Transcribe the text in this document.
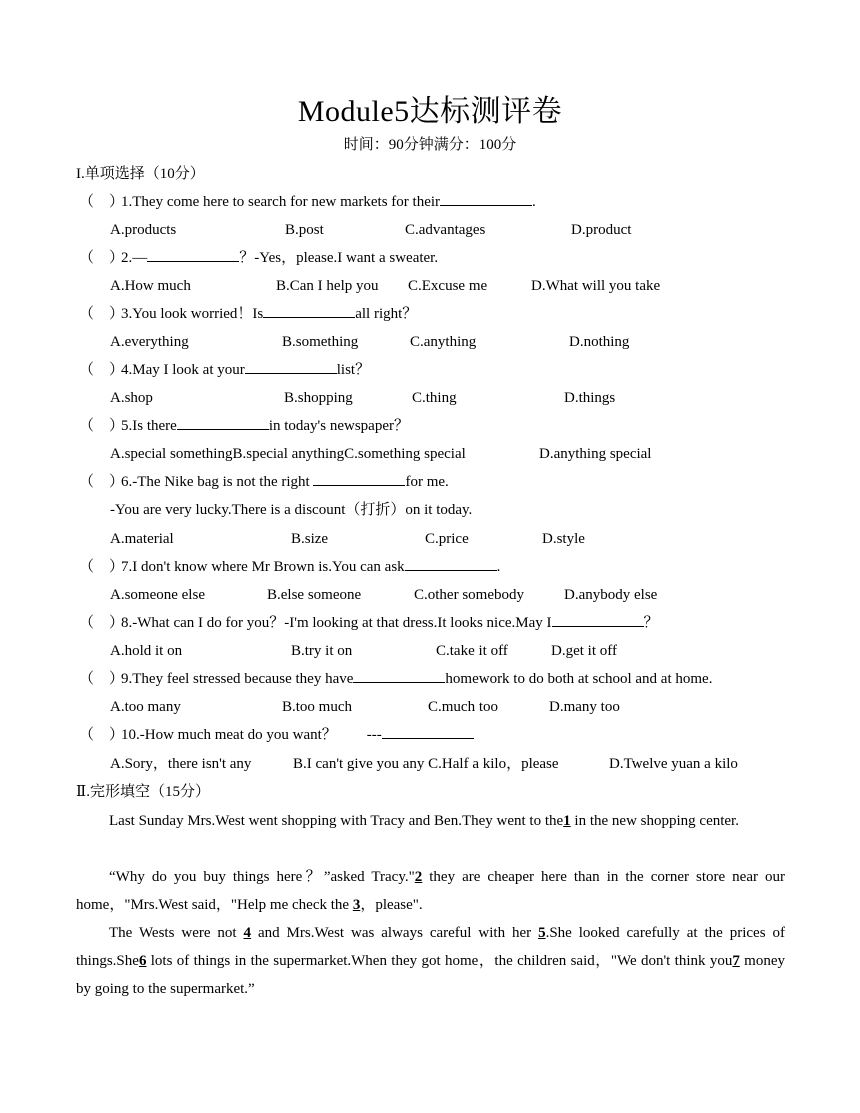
Module5达标测评卷
时间：90分钟满分：100分
I.单项选择（10分）
（　）1.They come here to search for new markets for their	.
A.products	B.post	C.advantages	D.product
（　）2.—	？-Yes，please.I want a sweater.
A.How much	B.Can I help you C.Excuse me	D.What will you take
（　）3.You look worried！Is	all right？
A.everything	B.something	C.anything	D.nothing
（　）4.May I look at your	list？
A.shop	B.shopping	C.thing	D.things
（　）5.Is there	in today's newspaper？
A.special somethingB.special anythingC.something special	D.anything special
（　）6.-The Nike bag is not the right	for me.
-You are very lucky.There is a discount（打折）on it today.
A.material	B.size	C.price	D.style
（　）7.I don't know where Mr Brown is.You can ask	.
A.someone else	B.else someone	C.other somebody	D.anybody else
（　）8.-What can I do for you？-I'm looking at that dress.It looks nice.May I	？
A.hold it on	B.try it on	C.take it off	D.get it off
（　）9.They feel stressed because they have	homework to do both at school and at home.
A.too many	B.too much	C.much too	D.many too
（　）10.-How much meat do you want？　　---
A.Sory，there isn't any	B.I can't give you any C.Half a kilo，please	D.Twelve yuan a kilo
Ⅱ.完形填空（15分）
Last Sunday Mrs.West went shopping with Tracy and Ben.They went to the1 in the new shopping center.
“Why do you buy things here？”asked Tracy."2 they are cheaper here than in the corner store near our home，"Mrs.West said，"Help me check the 3，please".
The Wests were not 4 and Mrs.West was always careful with her 5.She looked carefully at the prices of things.She6 lots of things in the supermarket.When they got home，the children said，"We don't think you7 money by going to the supermarket.”
